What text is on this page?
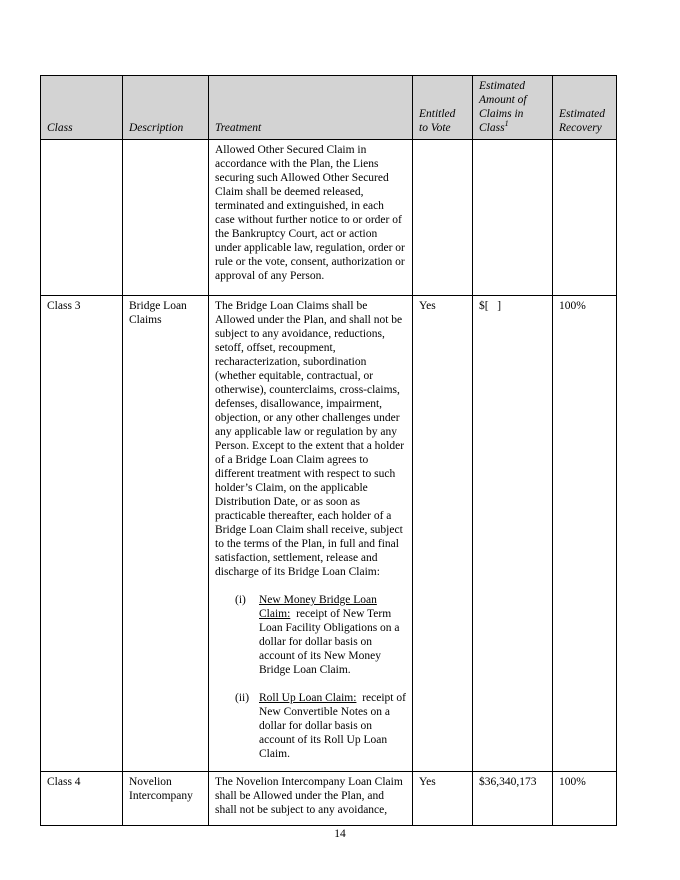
Class	Description	Treatment	Entitled to Vote	Estimated Amount of Claims in Class$^1$	Estimated Recovery

		Allowed Other Secured Claim in accordance with the Plan, the Liens securing such Allowed Other Secured Claim shall be deemed released, terminated and extinguished, in each case without further notice to or order of the Bankruptcy Court, act or action under applicable law, regulation, order or rule or the vote, consent, authorization or approval of any Person.			

Class 3	Bridge Loan Claims	The Bridge Loan Claims shall be Allowed under the Plan, and shall not be subject to any avoidance, reductions, setoff, offset, recoupment, recharacterization, subordination (whether equitable, contractual, or otherwise), counterclaims, cross-claims, defenses, disallowance, impairment, objection, or any other challenges under any applicable law or regulation by any Person. Except to the extent that a holder of a Bridge Loan Claim agrees to different treatment with respect to such holder’s Claim, on the applicable Distribution Date, or as soon as practicable thereafter, each holder of a Bridge Loan Claim shall receive, subject to the terms of the Plan, in full and final satisfaction, settlement, release and discharge of its Bridge Loan Claim:

(i) New Money Bridge Loan Claim:  receipt of New Term Loan Facility Obligations on a dollar for dollar basis on account of its New Money Bridge Loan Claim.
(ii) Roll Up Loan Claim:  receipt of New Convertible Notes on a dollar for dollar basis on account of its Roll Up Loan Claim.	Yes	$[   ]	100%
Class 4	Novelion Intercompany	The Novelion Intercompany Loan Claim shall be Allowed under the Plan, and shall not be subject to any avoidance,	Yes	$36,340,173	100%
14
